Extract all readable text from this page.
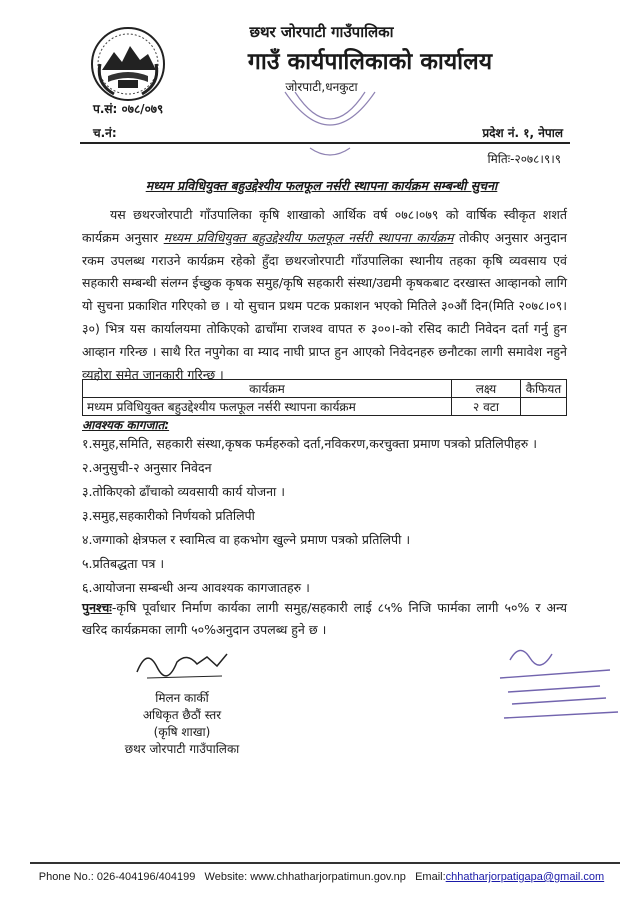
छथर जोरपाटी गाउँपालिका
गाउँ कार्यपालिकाको कार्यालय
जोरपाटी,धनकुटा
प.सं: ०७८/०७९
च.नं:	प्रदेश नं. १, नेपाल
मितिः-२०७८।९।९
मध्यम प्रविधियुक्त बहुउद्देश्यीय फलफूल नर्सरी स्थापना कार्यक्रम सम्बन्धी सुचना

यस छथरजोरपाटी गाँउपालिका कृषि शाखाको आर्थिक वर्ष ०७८।०७९ को वार्षिक स्वीकृत शशर्त कार्यक्रम अनुसार मध्यम प्रविधियुक्त बहुउद्देश्यीय फलफूल नर्सरी स्थापना कार्यक्रम तोकीए अनुसार अनुदान रकम उपलब्ध गराउने कार्यक्रम रहेको हुँदा छथरजोरपाटी गाँउपालिका स्थानीय तहका कृषि व्यवसाय एवं सहकारी सम्बन्धी संलग्न ईच्छुक कृषक समुह/कृषि सहकारी संस्था/उद्यमी कृषकबाट दरखास्त आव्हानको लागि यो सुचना प्रकाशित गरिएको छ । यो सुचान प्रथम पटक प्रकाशन भएको मितिले ३०औं दिन(मिति २०७८।०९।३०) भित्र यस कार्यालयमा तोकिएको ढाचाँमा राजश्व वापत रु ३००।-को रसिद काटी निवेदन दर्ता गर्नु हुन आव्हान गरिन्छ । साथै रित नपुगेका वा म्याद नाघी प्राप्त हुन आएको निवेदनहरु छनौटका लागी समावेश नहुने व्यहोरा समेत जानकारी गरिन्छ ।

कार्यक्रम	लक्ष्य	कैफियत
मध्यम प्रविधियुक्त बहुउद्देश्यीय फलफूल नर्सरी स्थापना कार्यक्रम	२ वटा	
आवश्यक कागजात:
१.समुह,समिति, सहकारी संस्था,कृषक फर्महरुको दर्ता,नविकरण,करचुक्ता प्रमाण पत्रको प्रतिलिपीहरु ।
२.अनुसुची-२ अनुसार निवेदन
३.तोकिएको ढाँचाको व्यवसायी कार्य योजना ।
३.समुह,सहकारीको निर्णयको प्रतिलिपी
४.जग्गाको क्षेत्रफल र स्वामित्व वा हकभोग खुल्ने प्रमाण पत्रको प्रतिलिपी ।
५.प्रतिबद्धता पत्र ।
६.आयोजना सम्बन्धी अन्य आवश्यक कागजातहरु ।
पुनश्चः-कृषि पूर्वाधार निर्माण कार्यका लागी समुह/सहकारी लाई ८५% निजि फार्मका लागी ५०% र अन्य खरिद कार्यक्रमका लागी ५०%अनुदान उपलब्ध हुने छ ।
मिलन कार्की
अधिकृत छैठौं स्तर
(कृषि शाखा)
छथर जोरपाटी गाउँपालिका
Phone No.: 026-404196/404199 Website: www.chhatharjorpatimun.gov.np Email:chhatharjorpatigapa@gmail.com
